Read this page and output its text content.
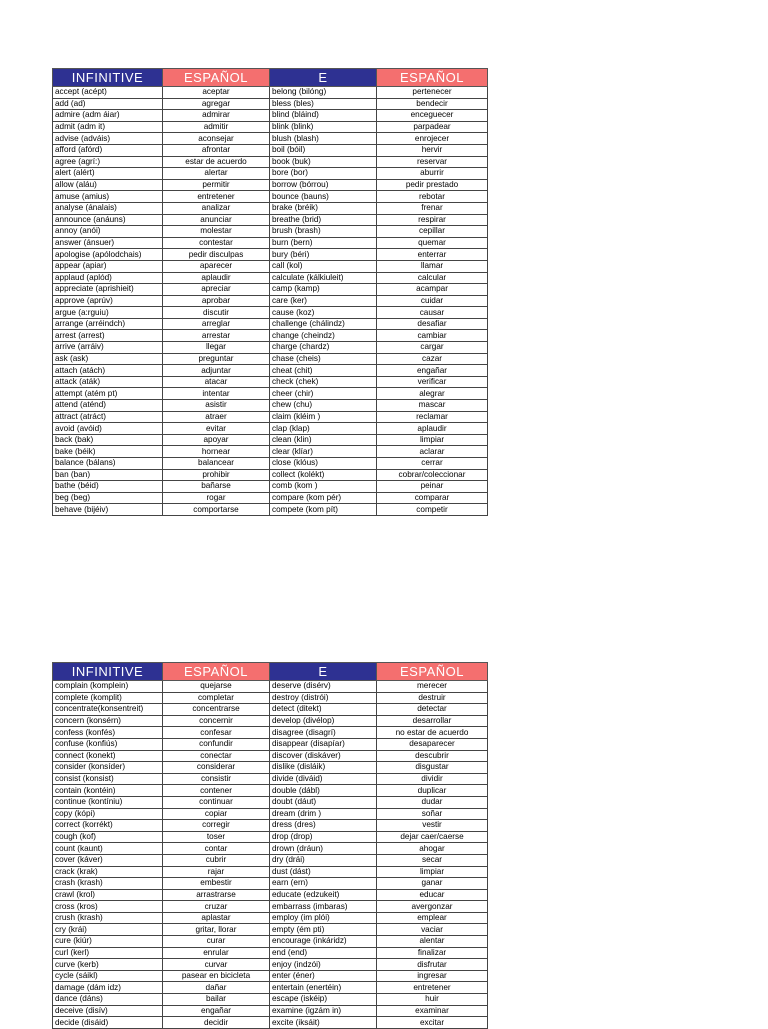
INFINITIVE	ESPAÑOL	E	ESPAÑOL
accept (acépt)	aceptar	belong (bilóng)	pertenecer
add (ad)	agregar	bless (bles)	bendecir
admire (adm áiar)	admirar	blind (bláind)	enceguecer
admit (adm it)	admitir	blink (blink)	parpadear
advise (adváis)	aconsejar	blush (blash)	enrojecer
afford (afórd)	afrontar	boil (bóil)	hervir
agree (agrí:)	estar de acuerdo	book (buk)	reservar
alert (alért)	alertar	bore (bor)	aburrir
allow (aláu)	permitir	borrow (bórrou)	pedir prestado
amuse (amius)	entretener	bounce (bauns)	rebotar
analyse (ánalais)	analizar	brake (bréik)	frenar
announce (anáuns)	anunciar	breathe (brid)	respirar
annoy (anói)	molestar	brush (brash)	cepillar
answer (ánsuer)	contestar	burn (bern)	quemar
apologise (apólodchais)	pedir disculpas	bury (béri)	enterrar
appear (apiar)	aparecer	call (kol)	llamar
applaud (aplód)	aplaudir	calculate (kálkiuleit)	calcular
appreciate (aprishieit)	apreciar	camp (kamp)	acampar
approve (aprúv)	aprobar	care (ker)	cuidar
argue (a:rguiu)	discutir	cause (koz)	causar
arrange (arréindch)	arreglar	challenge (chálindz)	desafiar
arrest (arrest)	arrestar	change (cheindz)	cambiar
arrive (arráiv)	llegar	charge (chardz)	cargar
ask (ask)	preguntar	chase (cheis)	cazar
attach (atách)	adjuntar	cheat (chit)	engañar
attack (aták)	atacar	check (chek)	verificar
attempt (atém pt)	intentar	cheer (chir)	alegrar
attend (aténd)	asistir	chew (chu)	mascar
attract (atráct)	atraer	claim (kléim )	reclamar
avoid (avóid)	evitar	clap (klap)	aplaudir
back (bak)	apoyar	clean (klin)	limpiar
bake (béik)	hornear	clear (klíar)	aclarar
balance (bálans)	balancear	close (klóus)	cerrar
ban (ban)	prohibir	collect (kolékt)	cobrar/coleccionar
bathe (béid)	bañarse	comb (kom )	peinar
beg (beg)	rogar	compare (kom pér)	comparar
behave (bijéiv)	comportarse	compete (kom pít)	competir
INFINITIVE	ESPAÑOL	E	ESPAÑOL
complain (komplein)	quejarse	deserve (disérv)	merecer
complete (komplit)	completar	destroy (distrói)	destruir
concentrate(konsentreit)	concentrarse	detect (ditekt)	detectar
concern (konsérn)	concernir	develop (divélop)	desarrollar
confess (konfés)	confesar	disagree (disagrí)	no estar de acuerdo
confuse (konfiús)	confundir	disappear (disapíar)	desaparecer
connect (konekt)	conectar	discover (diskáver)	descubrir
consider (konsíder)	considerar	dislike (disláik)	disgustar
consist (konsist)	consistir	divide (diváid)	dividir
contain (kontéin)	contener	double (dábl)	duplicar
continue (kontíniu)	continuar	doubt (dáut)	dudar
copy (kópi)	copiar	dream (drim )	soñar
correct (korrékt)	corregir	dress (dres)	vestir
cough (kof)	toser	drop (drop)	dejar caer/caerse
count (kaunt)	contar	drown (dráun)	ahogar
cover (káver)	cubrir	dry (drái)	secar
crack (krak)	rajar	dust (dást)	limpiar
crash (krash)	embestir	earn (ern)	ganar
crawl (krol)	arrastrarse	educate (edzukeit)	educar
cross (kros)	cruzar	embarrass (imbaras)	avergonzar
crush (krash)	aplastar	employ (im plói)	emplear
cry (krái)	gritar, llorar	empty (ém pti)	vaciar
cure (kiúr)	curar	encourage (inkáridz)	alentar
curl (kerl)	enrular	end (end)	finalizar
curve (kerb)	curvar	enjoy (indzói)	disfrutar
cycle (sáikl)	pasear en bicicleta	enter (éner)	ingresar
damage (dám idz)	dañar	entertain (enertéin)	entretener
dance (dáns)	bailar	escape (iskéip)	huir
deceive (disív)	engañar	examine (igzám in)	examinar
decide (disáid)	decidir	excite (iksáit)	excitar
